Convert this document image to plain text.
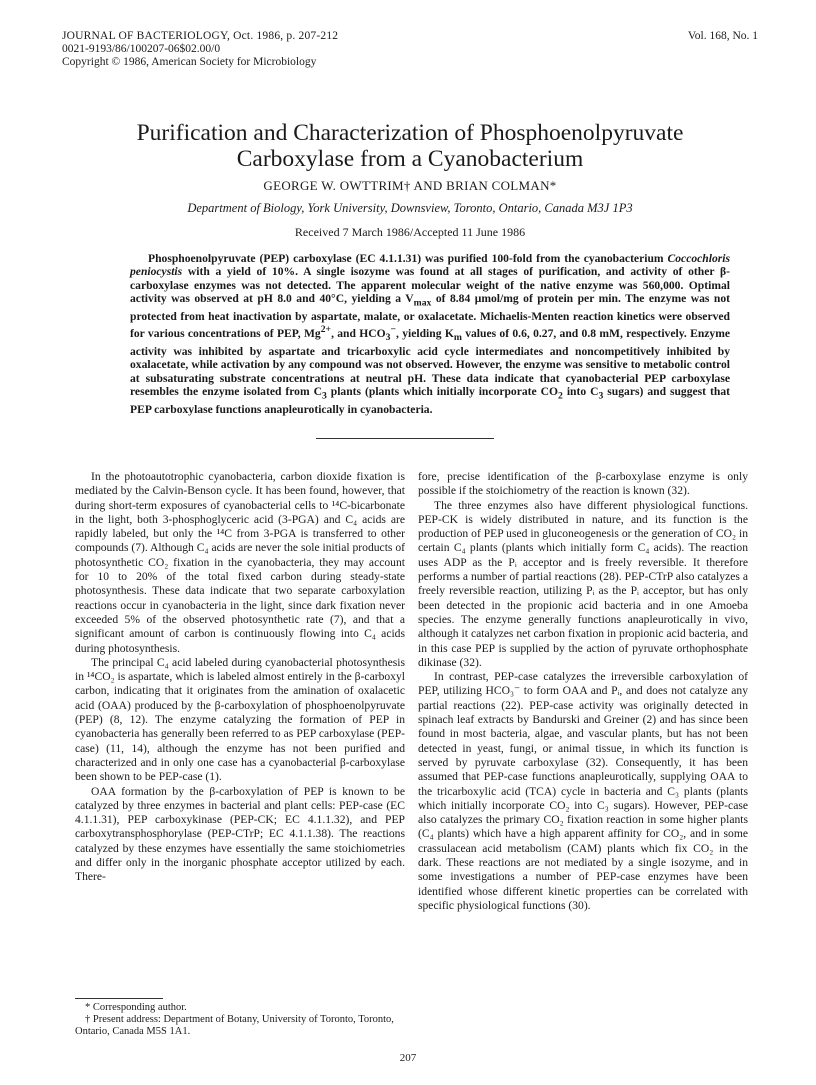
JOURNAL OF BACTERIOLOGY, Oct. 1986, p. 207-212
0021-9193/86/100207-06$02.00/0
Copyright © 1986, American Society for Microbiology
Vol. 168, No. 1
Purification and Characterization of Phosphoenolpyruvate
Carboxylase from a Cyanobacterium
GEORGE W. OWTTRIM† AND BRIAN COLMAN*
Department of Biology, York University, Downsview, Toronto, Ontario, Canada M3J 1P3
Received 7 March 1986/Accepted 11 June 1986

Phosphoenolpyruvate (PEP) carboxylase (EC 4.1.1.31) was purified 100-fold from the cyanobacterium Coccochloris peniocystis with a yield of 10%. A single isozyme was found at all stages of purification, and activity of other β-carboxylase enzymes was not detected. The apparent molecular weight of the native enzyme was 560,000. Optimal activity was observed at pH 8.0 and 40°C, yielding a $V_{max}$ of 8.84 μmol/mg of protein per min. The enzyme was not protected from heat inactivation by aspartate, malate, or oxalacetate. Michaelis-Menten reaction kinetics were observed for various concentrations of PEP, $Mg^{2+}$, and $HCO_3^-$, yielding $K_m$ values of 0.6, 0.27, and 0.8 mM, respectively. Enzyme activity was inhibited by aspartate and tricarboxylic acid cycle intermediates and noncompetitively inhibited by oxalacetate, while activation by any compound was not observed. However, the enzyme was sensitive to metabolic control at subsaturating substrate concentrations at neutral pH. These data indicate that cyanobacterial PEP carboxylase resembles the enzyme isolated from $C_3$ plants (plants which initially incorporate $CO_2$ into $C_3$ sugars) and suggest that PEP carboxylase functions anapleurotically in cyanobacteria.

In the photoautotrophic cyanobacteria, carbon dioxide fixation is mediated by the Calvin-Benson cycle. It has been found, however, that during short-term exposures of cyanobacterial cells to ¹⁴C-bicarbonate in the light, both 3-phosphoglyceric acid (3-PGA) and C₄ acids are rapidly labeled, but only the ¹⁴C from 3-PGA is transferred to other compounds (7). Although C₄ acids are never the sole initial products of photosynthetic CO₂ fixation in the cyanobacteria, they may account for 10 to 20% of the total fixed carbon during steady-state photosynthesis. These data indicate that two separate carboxylation reactions occur in cyanobacteria in the light, since dark fixation never exceeded 5% of the observed photosynthetic rate (7), and that a significant amount of carbon is continuously flowing into C₄ acids during photosynthesis.

The principal C₄ acid labeled during cyanobacterial photosynthesis in ¹⁴CO₂ is aspartate, which is labeled almost entirely in the β-carboxyl carbon, indicating that it originates from the amination of oxalacetic acid (OAA) produced by the β-carboxylation of phosphoenolpyruvate (PEP) (8, 12). The enzyme catalyzing the formation of PEP in cyanobacteria has generally been referred to as PEP carboxylase (PEP-case) (11, 14), although the enzyme has not been purified and characterized and in only one case has a cyanobacterial β-carboxylase been shown to be PEP-case (1).

OAA formation by the β-carboxylation of PEP is known to be catalyzed by three enzymes in bacterial and plant cells: PEP-case (EC 4.1.1.31), PEP carboxykinase (PEP-CK; EC 4.1.1.32), and PEP carboxytransphosphorylase (PEP-CTrP; EC 4.1.1.38). The reactions catalyzed by these enzymes have essentially the same stoichiometries and differ only in the inorganic phosphate acceptor utilized by each. There-

fore, precise identification of the β-carboxylase enzyme is only possible if the stoichiometry of the reaction is known (32).

The three enzymes also have different physiological functions. PEP-CK is widely distributed in nature, and its function is the production of PEP used in gluconeogenesis or the generation of CO₂ in certain C₄ plants (plants which initially form C₄ acids). The reaction uses ADP as the Pᵢ acceptor and is freely reversible. It therefore performs a number of partial reactions (28). PEP-CTrP also catalyzes a freely reversible reaction, utilizing Pᵢ as the Pᵢ acceptor, but has only been detected in the propionic acid bacteria and in one Amoeba species. The enzyme generally functions anapleurotically in vivo, although it catalyzes net carbon fixation in propionic acid bacteria, and in this case PEP is supplied by the action of pyruvate orthophosphate dikinase (32).

In contrast, PEP-case catalyzes the irreversible carboxylation of PEP, utilizing HCO₃⁻ to form OAA and Pᵢ, and does not catalyze any partial reactions (22). PEP-case activity was originally detected in spinach leaf extracts by Bandurski and Greiner (2) and has since been found in most bacteria, algae, and vascular plants, but has not been detected in yeast, fungi, or animal tissue, in which its function is served by pyruvate carboxylase (32). Consequently, it has been assumed that PEP-case functions anapleurotically, supplying OAA to the tricarboxylic acid (TCA) cycle in bacteria and C₃ plants (plants which initially incorporate CO₂ into C₃ sugars). However, PEP-case also catalyzes the primary CO₂ fixation reaction in some higher plants (C₄ plants) which have a high apparent affinity for CO₂, and in some crassulacean acid metabolism (CAM) plants which fix CO₂ in the dark. These reactions are not mediated by a single isozyme, and in some investigations a number of PEP-case enzymes have been identified whose different kinetic properties can be correlated with specific physiological functions (30).

* Corresponding author.
† Present address: Department of Botany, University of Toronto, Toronto, Ontario, Canada M5S 1A1.
207
